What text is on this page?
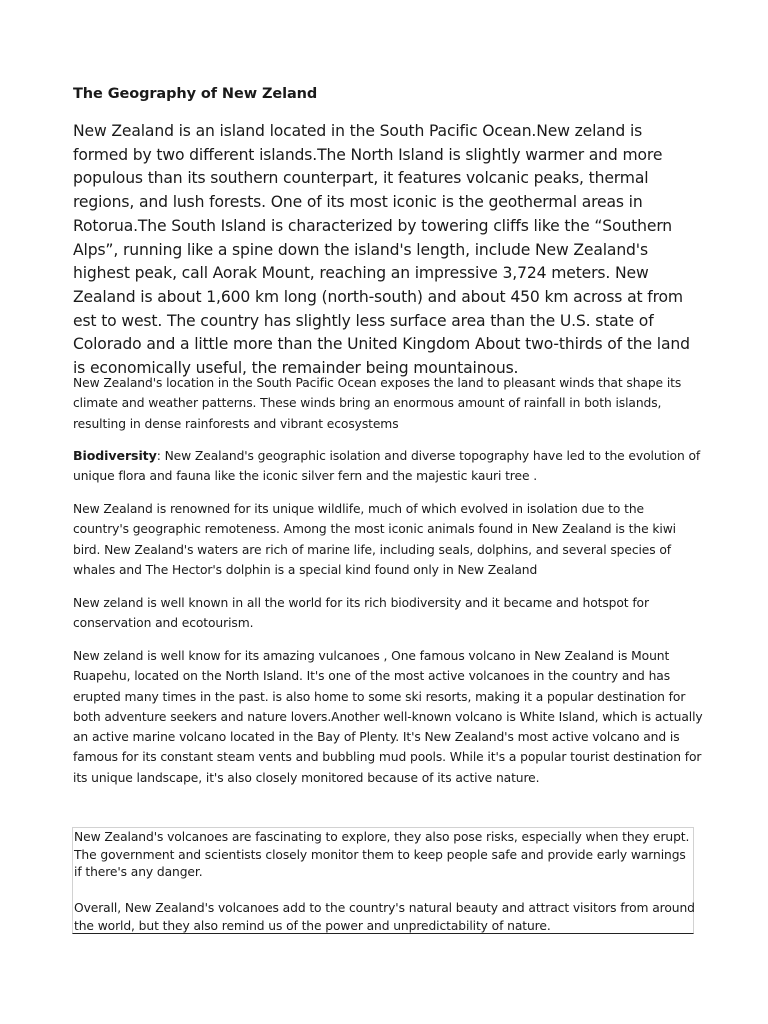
The Geography of New Zeland

New Zealand is an island located in the South Pacific Ocean.New zeland is formed by two different islands.The North Island is slightly warmer and more populous than its southern counterpart, it features volcanic peaks, thermal regions, and lush forests. One of its most iconic is the geothermal areas in Rotorua.The South Island is characterized by towering cliffs like the “Southern Alps”, running like a spine down the island's length, include New Zealand's highest peak, call Aorak Mount, reaching an impressive 3,724 meters. New Zealand is about 1,600 km long (north-south) and about 450 km across at from est to west. The country has slightly less surface area than the U.S. state of Colorado and a little more than the United Kingdom About two-thirds of the land is economically useful, the remainder being mountainous.

New Zealand's location in the South Pacific Ocean exposes the land to pleasant winds that shape its climate and weather patterns. These winds bring an enormous amount of rainfall in both islands, resulting in dense rainforests and vibrant ecosystems

Biodiversity: New Zealand's geographic isolation and diverse topography have led to the evolution of unique flora and fauna like the iconic silver fern and the majestic kauri tree .

New Zealand is renowned for its unique wildlife, much of which evolved in isolation due to the country's geographic remoteness. Among the most iconic animals found in New Zealand is the kiwi bird. New Zealand's waters are rich of marine life, including seals, dolphins, and several species of whales and The Hector's dolphin is a special kind found only in New Zealand

New zeland is well known in all the world for its rich biodiversity and it became and hotspot for conservation and ecotourism.

New zeland is well know for its amazing vulcanoes , One famous volcano in New Zealand is Mount Ruapehu, located on the North Island. It's one of the most active volcanoes in the country and has erupted many times in the past. is also home to some ski resorts, making it a popular destination for both adventure seekers and nature lovers.Another well-known volcano is White Island, which is actually an active marine volcano located in the Bay of Plenty. It's New Zealand's most active volcano and is famous for its constant steam vents and bubbling mud pools. While it's a popular tourist destination for its unique landscape, it's also closely monitored because of its active nature.

New Zealand's volcanoes are fascinating to explore, they also pose risks, especially when they erupt. The government and scientists closely monitor them to keep people safe and provide early warnings if there's any danger.

Overall, New Zealand's volcanoes add to the country's natural beauty and attract visitors from around the world, but they also remind us of the power and unpredictability of nature.
